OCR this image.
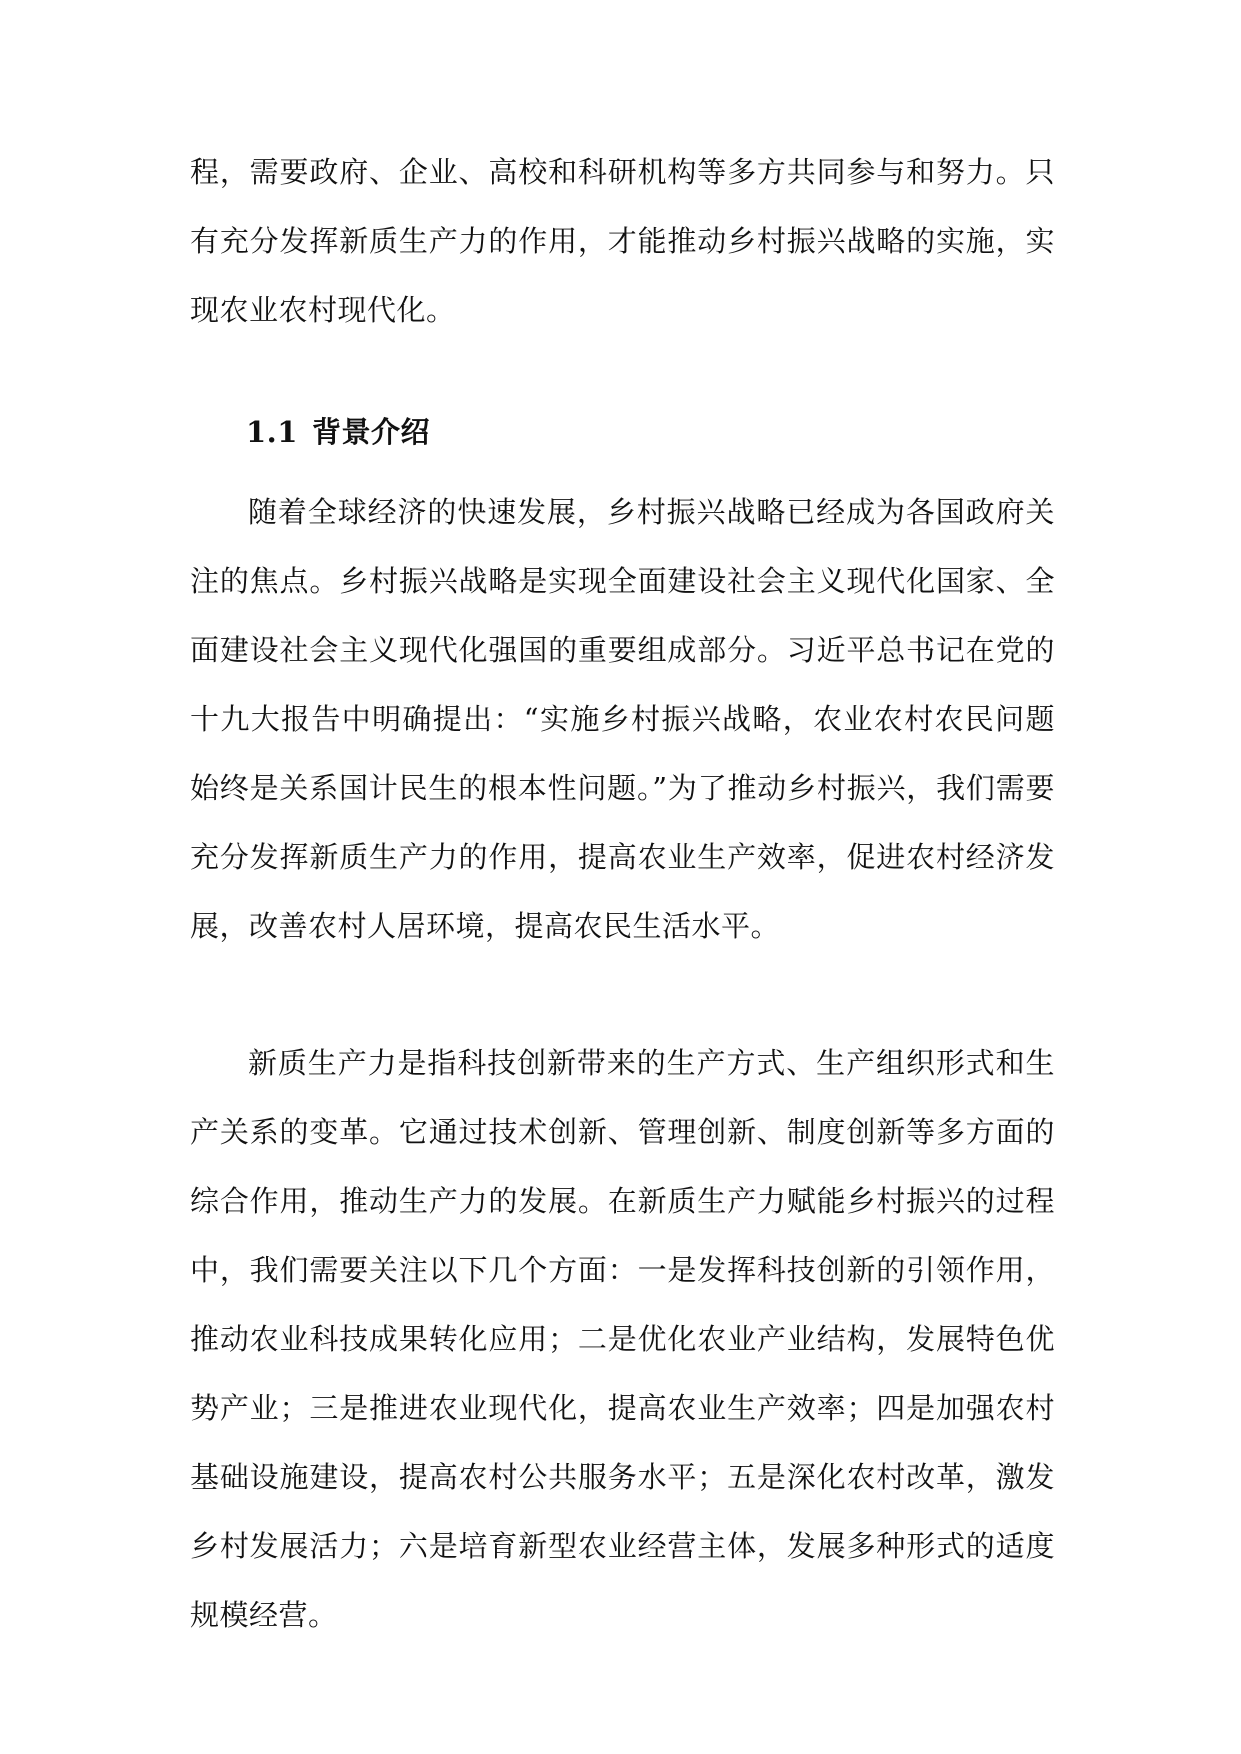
程，需要政府、企业、高校和科研机构等多方共同参与和努力。只有充分发挥新质生产力的作用，才能推动乡村振兴战略的实施，实现农业农村现代化。

1.1 背景介绍

随着全球经济的快速发展，乡村振兴战略已经成为各国政府关注的焦点。乡村振兴战略是实现全面建设社会主义现代化国家、全面建设社会主义现代化强国的重要组成部分。习近平总书记在党的十九大报告中明确提出：“实施乡村振兴战略，农业农村农民问题始终是关系国计民生的根本性问题。”为了推动乡村振兴，我们需要充分发挥新质生产力的作用，提高农业生产效率，促进农村经济发展，改善农村人居环境，提高农民生活水平。

新质生产力是指科技创新带来的生产方式、生产组织形式和生产关系的变革。它通过技术创新、管理创新、制度创新等多方面的综合作用，推动生产力的发展。在新质生产力赋能乡村振兴的过程中，我们需要关注以下几个方面：一是发挥科技创新的引领作用，推动农业科技成果转化应用；二是优化农业产业结构，发展特色优势产业；三是推进农业现代化，提高农业生产效率；四是加强农村基础设施建设，提高农村公共服务水平；五是深化农村改革，激发乡村发展活力；六是培育新型农业经营主体，发展多种形式的适度规模经营。
